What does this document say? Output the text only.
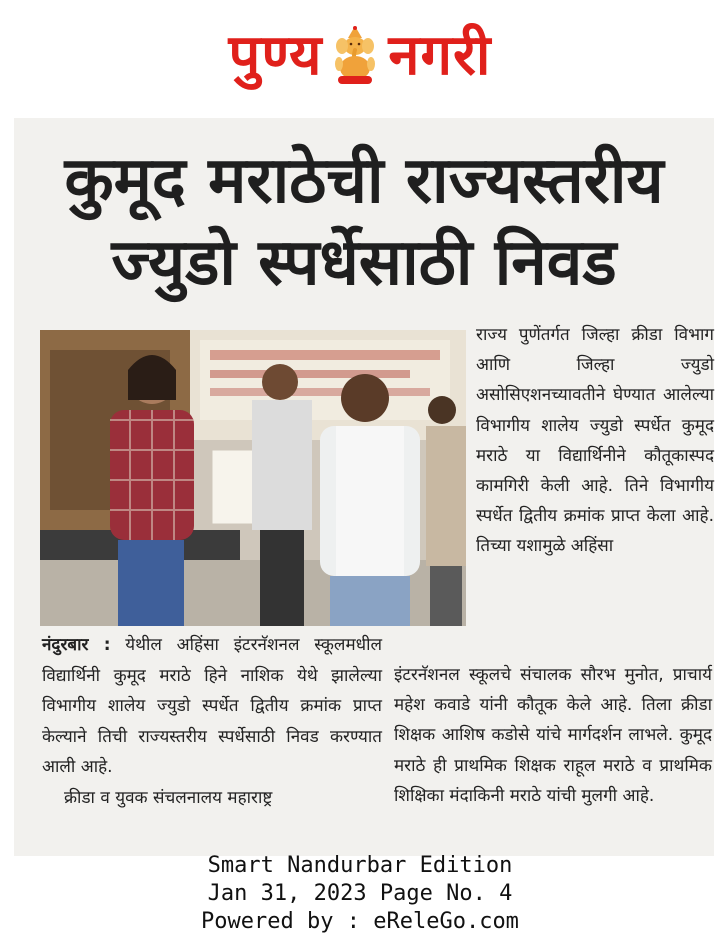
पुण्य नगरी
कुमूद मराठेची राज्यस्तरीय
ज्युडो स्पर्धेसाठी निवड

राज्य पुणेंतर्गत जिल्हा क्रीडा विभाग आणि जिल्हा ज्युडो असोसिएशनच्यावतीने घेण्यात आलेल्या विभागीय शालेय ज्युडो स्पर्धेत कुमूद मराठे या विद्यार्थिनीने कौतूकास्पद कामगिरी केली आहे. तिने विभागीय स्पर्धेत द्वितीय क्रमांक प्राप्त केला आहे. तिच्या यशामुळे अहिंसा

नंदुरबार : येथील अहिंसा इंटरनॅशनल स्कूलमधील विद्यार्थिनी कुमूद मराठे हिने नाशिक येथे झालेल्या विभागीय शालेय ज्युडो स्पर्धेत द्वितीय क्रमांक प्राप्त केल्याने तिची राज्यस्तरीय स्पर्धेसाठी निवड करण्यात आली आहे.

क्रीडा व युवक संचलनालय महाराष्ट्र

इंटरनॅशनल स्कूलचे संचालक सौरभ मुनोत, प्राचार्य महेश कवाडे यांनी कौतूक केले आहे. तिला क्रीडा शिक्षक आशिष कडोसे यांचे मार्गदर्शन लाभले. कुमूद मराठे ही प्राथमिक शिक्षक राहूल मराठे व प्राथमिक शिक्षिका मंदाकिनी मराठे यांची मुलगी आहे.

Smart Nandurbar Edition
Jan 31, 2023 Page No. 4
Powered by : eReleGo.com
